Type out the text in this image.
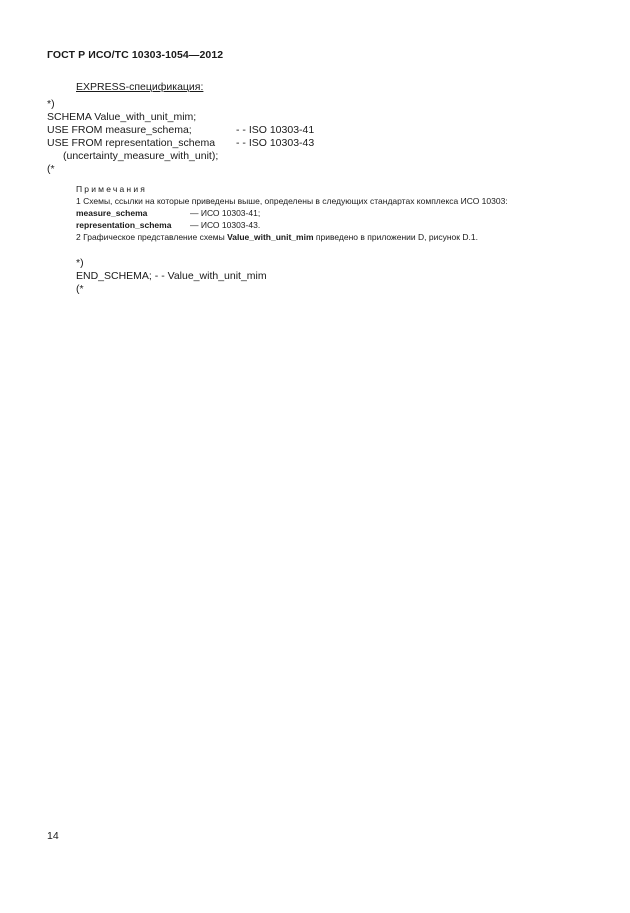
ГОСТ Р ИСО/ТС 10303-1054—2012
EXPRESS-спецификация:
*)
SCHEMA Value_with_unit_mim;
USE FROM measure_schema;	- - ISO 10303-41
USE FROM representation_schema - - ISO 10303-43
(uncertainty_measure_with_unit);
(*
Примечания
1 Схемы, ссылки на которые приведены выше, определены в следующих стандартах комплекса ИСО 10303:
measure_schema	— ИСО 10303-41;
representation_schema — ИСО 10303-43.
2 Графическое представление схемы Value_with_unit_mim приведено в приложении D, рисунок D.1.
*)
END_SCHEMA; - - Value_with_unit_mim
(*
14
